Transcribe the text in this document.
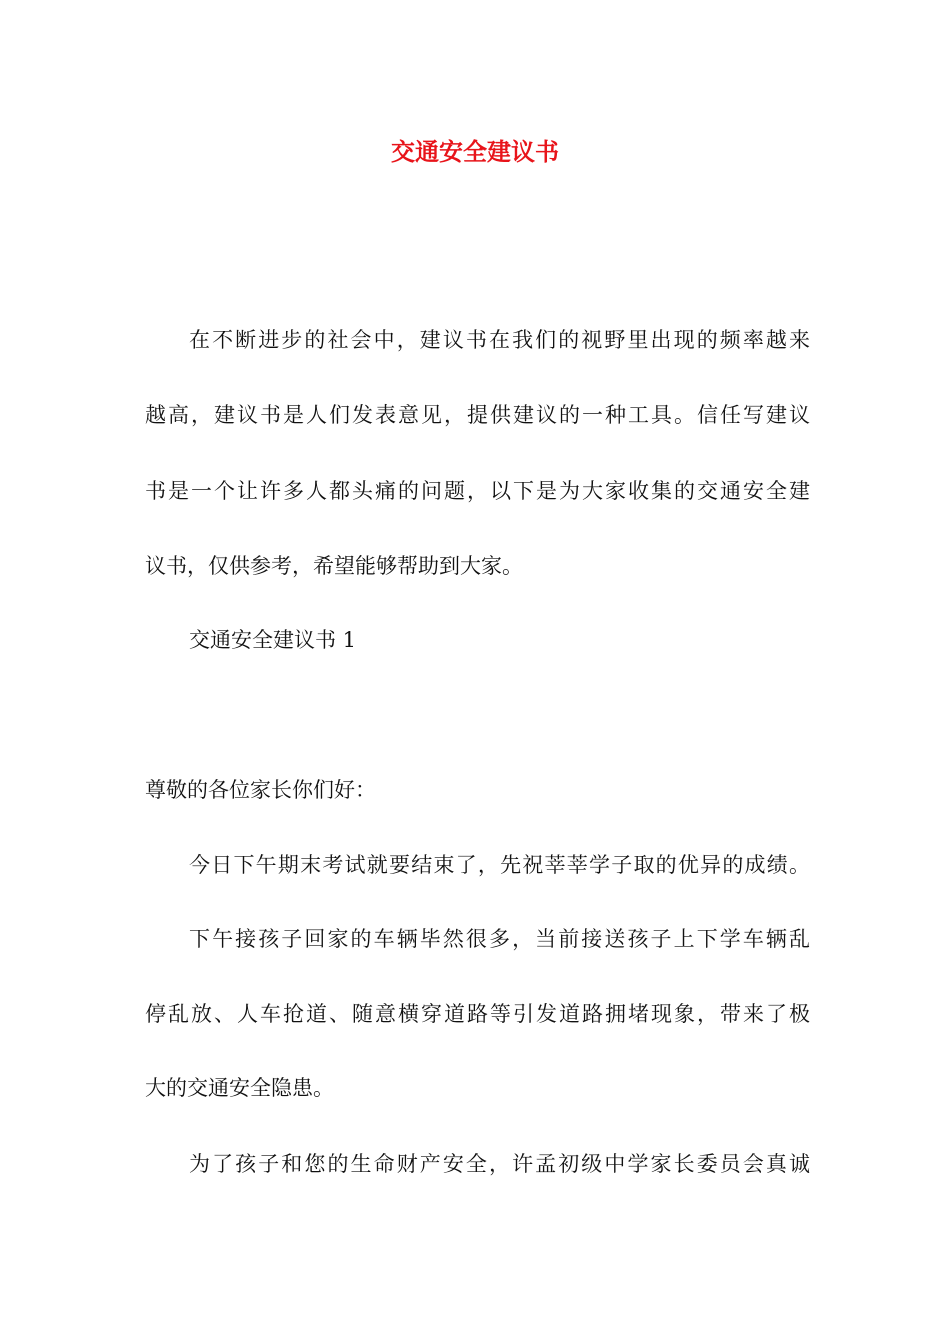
交通安全建议书

在不断进步的社会中，建议书在我们的视野里出现的频率越来

越高，建议书是人们发表意见，提供建议的一种工具。信任写建议

书是一个让许多人都头痛的问题，以下是为大家收集的交通安全建

议书，仅供参考，希望能够帮助到大家。

交通安全建议书 1

尊敬的各位家长你们好：

今日下午期末考试就要结束了，先祝莘莘学子取的优异的成绩。

下午接孩子回家的车辆毕然很多，当前接送孩子上下学车辆乱

停乱放、人车抢道、随意横穿道路等引发道路拥堵现象，带来了极

大的交通安全隐患。

为了孩子和您的生命财产安全，许孟初级中学家长委员会真诚
